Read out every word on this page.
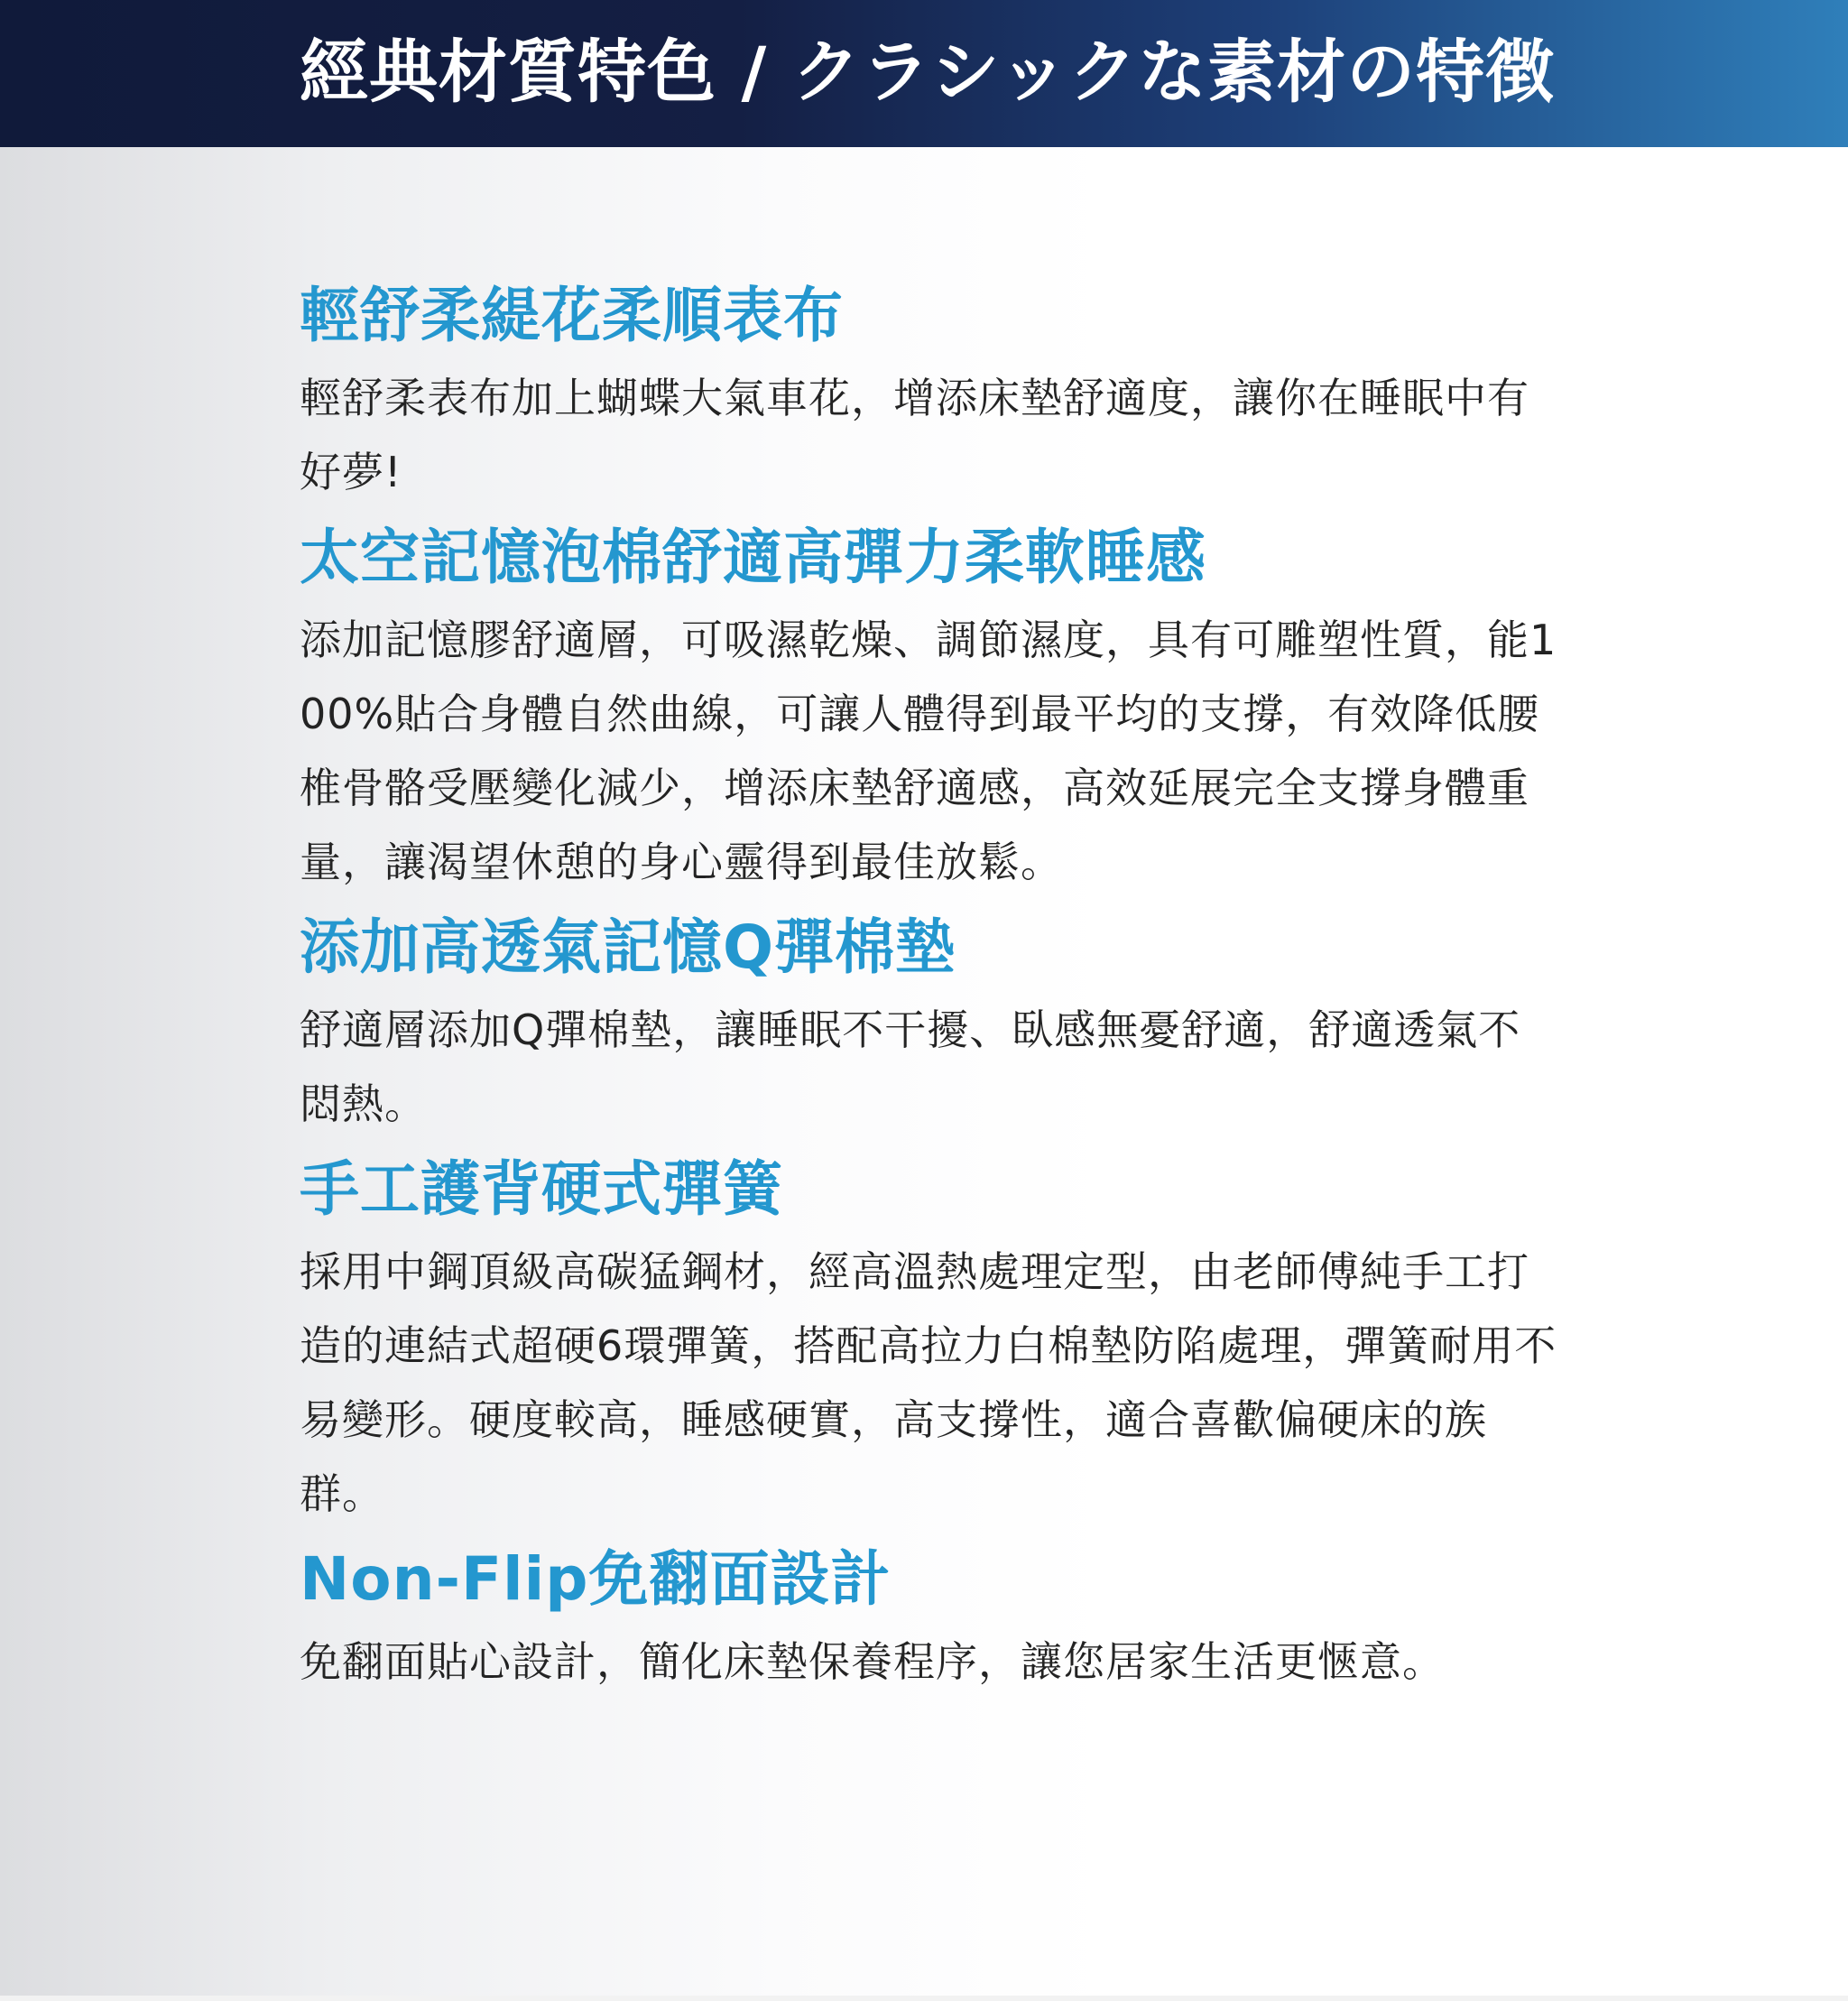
經典材質特色 / クラシックな素材の特徴
輕舒柔緹花柔順表布
輕舒柔表布加上蝴蝶大氣車花，增添床墊舒適度，讓你在睡眠中有好夢!
太空記憶泡棉舒適高彈力柔軟睡感
添加記憶膠舒適層，可吸濕乾燥、調節濕度，具有可雕塑性質，能100%貼合身體自然曲線，可讓人體得到最平均的支撐，有效降低腰椎骨骼受壓變化減少，增添床墊舒適感，高效延展完全支撐身體重量，讓渴望休憩的身心靈得到最佳放鬆。
添加高透氣記憶Q彈棉墊
舒適層添加Q彈棉墊，讓睡眠不干擾、臥感無憂舒適，舒適透氣不悶熱。
手工護背硬式彈簧
採用中鋼頂級高碳猛鋼材，經高溫熱處理定型，由老師傅純手工打造的連結式超硬6環彈簧，搭配高拉力白棉墊防陷處理，彈簧耐用不易變形。硬度較高，睡感硬實，高支撐性，適合喜歡偏硬床的族群。
Non-Flip免翻面設計
免翻面貼心設計，簡化床墊保養程序，讓您居家生活更愜意。
